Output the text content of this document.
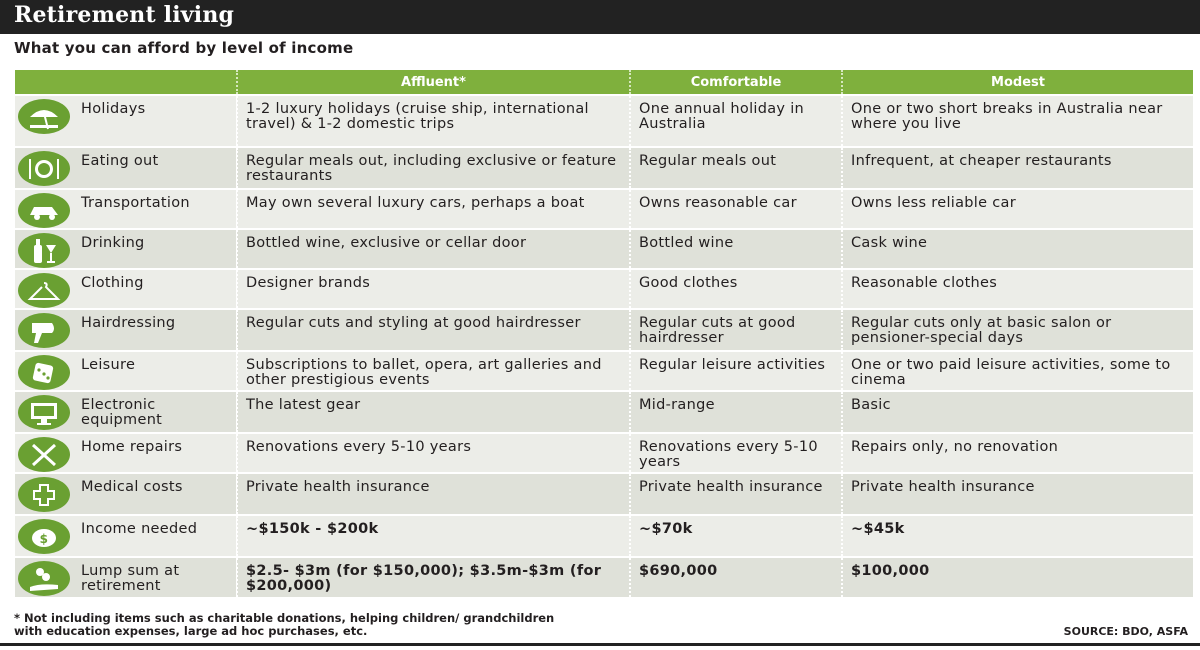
Retirement living
What you can afford by level of income
	Affluent*	Comfortable	Modest

Holidays	1-2 luxury holidays (cruise ship, international travel) & 1-2 domestic trips	One annual holiday in Australia	One or two short breaks in Australia near where you live

Eating out	Regular meals out, including exclusive or feature restaurants	Regular meals out	Infrequent, at cheaper restaurants

Transportation	May own several luxury cars, perhaps a boat	Owns reasonable car	Owns less reliable car

Drinking	Bottled wine, exclusive or cellar door	Bottled wine	Cask wine

Clothing	Designer brands	Good clothes	Reasonable clothes

Hairdressing	Regular cuts and styling at good hairdresser	Regular cuts at good hairdresser	Regular cuts only at basic salon or pensioner-special days

Leisure	Subscriptions to ballet, opera, art galleries and other prestigious events	Regular leisure activities	One or two paid leisure activities, some to cinema

Electronic equipment	The latest gear	Mid-range	Basic

Home repairs	Renovations every 5-10 years	Renovations every 5-10 years	Repairs only, no renovation

Medical costs	Private health insurance	Private health insurance	Private health insurance

$
Income needed	~$150k - $200k	~$70k	~$45k

Lump sum at retirement	$2.5- $3m (for $150,000); $3.5m-$3m (for $200,000)	$690,000	$100,000
* Not including items such as charitable donations, helping children/ grandchildren with education expenses, large ad hoc purchases, etc.	SOURCE: BDO, ASFA
